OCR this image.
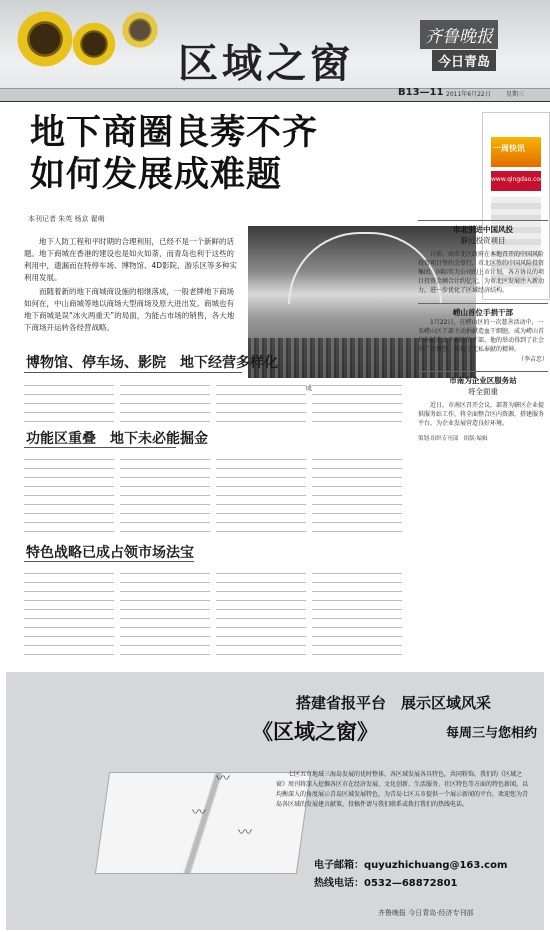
区域之窗
齐鲁晚报
今日青岛
B13—11 2011年6月22日	星期三
地下商圈良莠不齐
如何发展成难题
本刊记者 朱英 杨京 翟萌

地下人防工程和平时期的合理利用，已经不是一个新鲜的话题。地下商城在香港的建设也是如火如荼，而青岛也利于这些的利用中，遗漏而在特停车场、博物馆、4D影院、游乐区等多种实利用发展。

而随着新的地下商城商设施的相继落成，一般老牌地下商场如何在，中山商城等地以商场大型商场及原大进出发。商城也有地下商城是误“冰火两重天”的局面，为能占市场的销售，各大地下商场开运转各经营战略。

一周快讯
www.qingdao.com
市北引进中国风投
静远投资项目
日前，由市北区政府在本地召开的中国风险投资项目签约会举行，市北区签约中国风险投资集团、国际实力公司的上市计划，各方协议的项目投资金额合计约亿元，为市北区发展注入新动力，进一步优化了区域经济结构。
崂山首位手捐干部
1月22日，在崂山区的一次慈善活动中，一名崂山区干部主动捐献造血干细胞，成为崂山首位捐献造血干细胞的干部，他的举动得到了社会的广泛赞誉，体现了无私奉献的精神。
（李吉忠）
市南为企业区服务站
将全面重
近日，市南区召开会议，部署为辖区企业提供服务站工作，将全面整合区内资源，搭建服务平台，为企业发展营造良好环境。
策划·组织专刊部　组版·编辑
博物馆、停车场、影院　地下经营多样化
功能区重叠　地下未必能掘金
特色战略已成占领市场法宝
搭建省报平台　展示区域风采
《区域之窗》	每周三与您相约
〰
〰
〰
七区五市地域三海岛发展的优时整体，各区域发展各具特色，共同粉饰，我们的《区域之窗》周刊将深入挖掘各区市在经济发展、文化创新、生活服务、社区特色等方面的特色新闻，以均衡深入的角度展示青岛区域发展特色，为青岛七区五市提供一个展示新闻的平台。欢迎您为青岛各区域的发展建言献策，投稿件请与我们联系或拨打我们的热线电话。
电子邮箱：quyuzhichuang@163.com
热线电话：0532—68872801
齐鲁晚报 今日青岛·经济专刊部
